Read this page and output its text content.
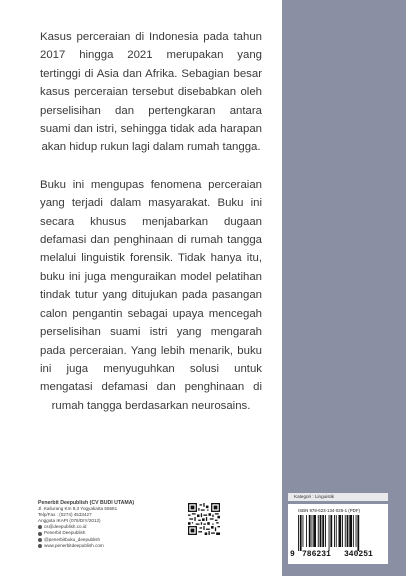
Kasus perceraian di Indonesia pada tahun 2017 hingga 2021 merupakan yang tertinggi di Asia dan Afrika. Sebagian besar kasus perceraian tersebut disebabkan oleh perselisihan dan pertengkaran antara suami dan istri, sehingga tidak ada harapan akan hidup rukun lagi dalam rumah tangga.

Buku ini mengupas fenomena perceraian yang terjadi dalam masyarakat. Buku ini secara khusus menjabarkan dugaan defamasi dan penghinaan di rumah tangga melalui linguistik forensik. Tidak hanya itu, buku ini juga menguraikan model pelatihan tindak tutur yang ditujukan pada pasangan calon pengantin sebagai upaya mencegah perselisihan suami istri yang mengarah pada perceraian. Yang lebih menarik, buku ini juga menyuguhkan solusi untuk mengatasi defamasi dan penghinaan di rumah tangga berdasarkan neurosains.

Penerbit Deepublish (CV BUDI UTAMA)
Jl. Kaliurang Km 9,3 Yogyakarta 55581
Telp/Fax : (0274) 4533427
Anggota IKAPI (076/DIY/2012)
cs@deepublish.co.id
Penerbit Deepublish
@penerbitbuku_deepublish
www.penerbitdeepublish.com
Kategori : Linguistik
ISBN 978-623-134-025-1 (PDF)
9 786231 340251
